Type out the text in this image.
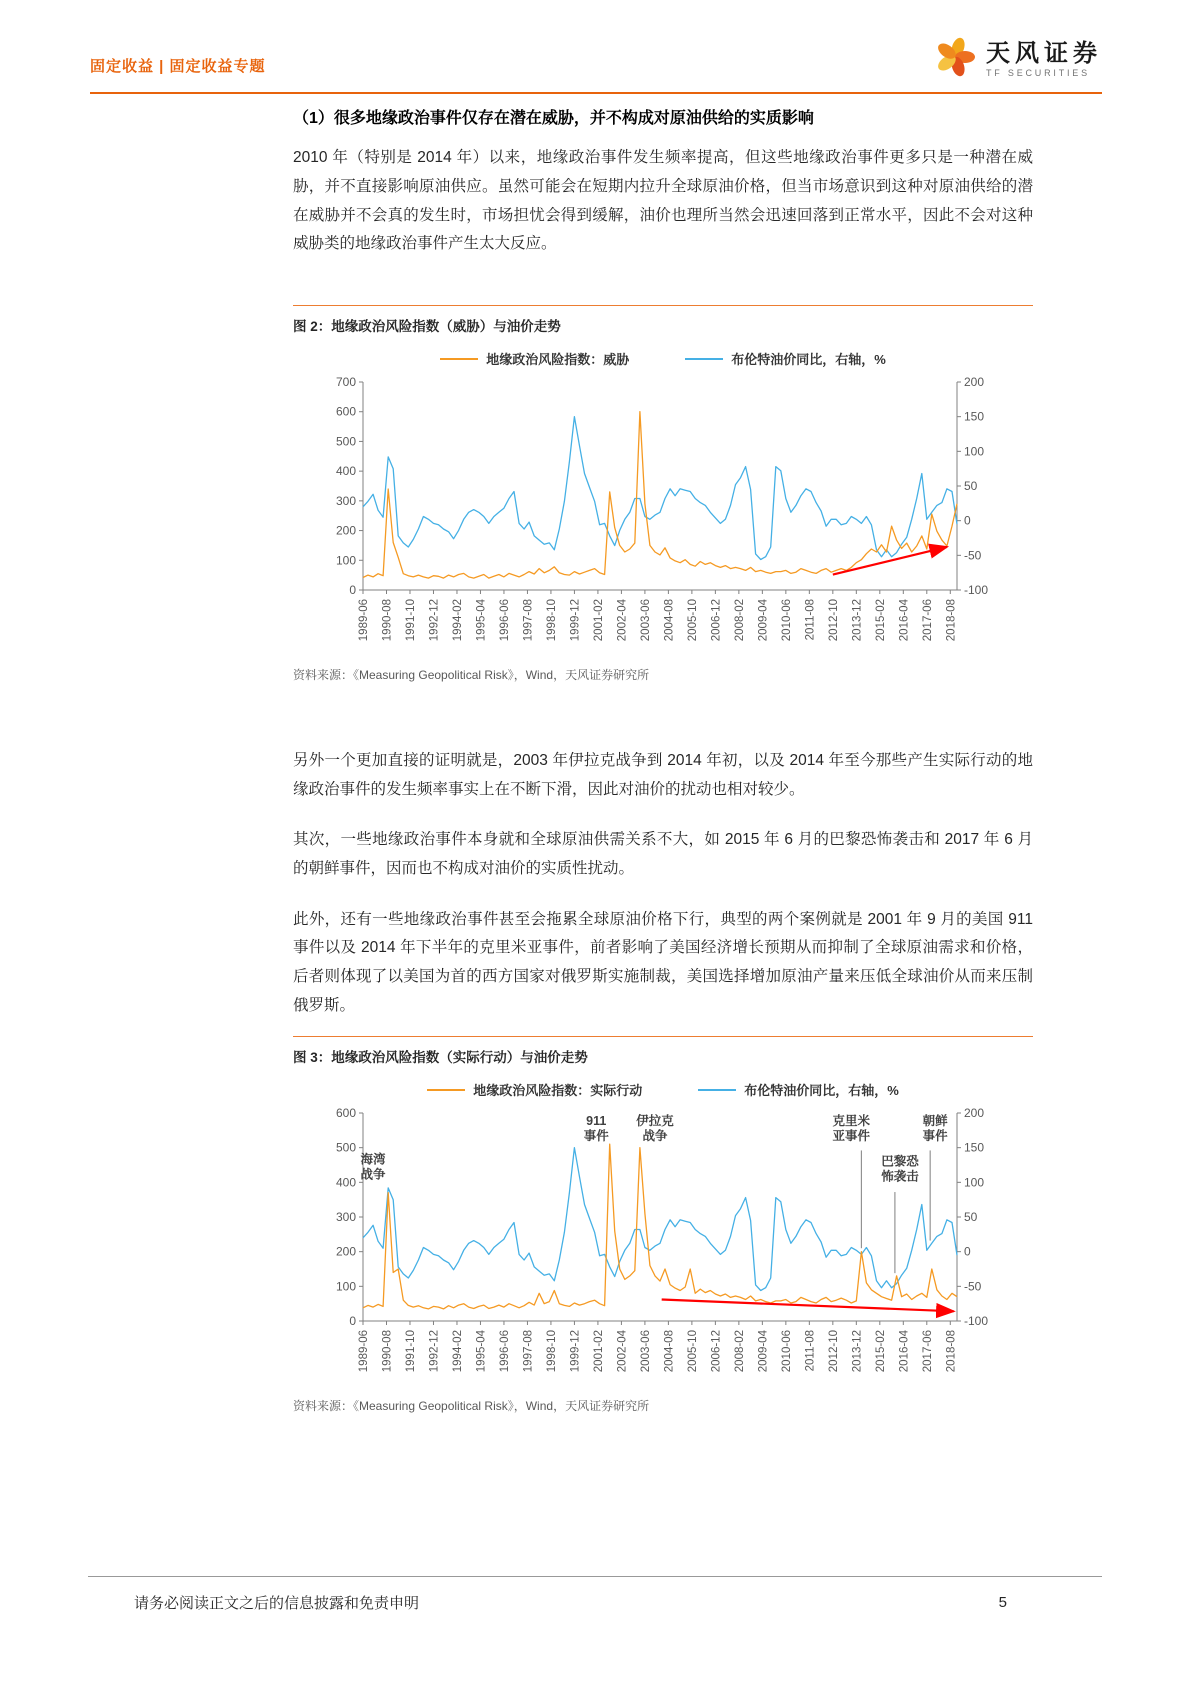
固定收益 | 固定收益专题	天风证券
TF SECURITIES
（1）很多地缘政治事件仅存在潜在威胁，并不构成对原油供给的实质影响

2010 年（特别是 2014 年）以来，地缘政治事件发生频率提高，但这些地缘政治事件更多只是一种潜在威胁，并不直接影响原油供应。虽然可能会在短期内拉升全球原油价格，但当市场意识到这种对原油供给的潜在威胁并不会真的发生时，市场担忧会得到缓解，油价也理所当然会迅速回落到正常水平，因此不会对这种威胁类的地缘政治事件产生太大反应。

图 2：地缘政治风险指数（威胁）与油价走势
地缘政治风险指数：威胁	布伦特油价同比，右轴，%
0
100
200
300
400
500
600
700
-100
-50
0
50
100
150
200
1989-06 1990-08 1991-10 1992-12 1994-02 1995-04 1996-06 1997-08 1998-10 1999-12 2001-02 2002-04 2003-06 2004-08 2005-10 2006-12 2008-02 2009-04 2010-06 2011-08 2012-10 2013-12 2015-02 2016-04 2017-06 2018-08
资料来源：《Measuring Geopolitical Risk》，Wind，天风证券研究所

另外一个更加直接的证明就是，2003 年伊拉克战争到 2014 年初，以及 2014 年至今那些产生实际行动的地缘政治事件的发生频率事实上在不断下滑，因此对油价的扰动也相对较少。

其次，一些地缘政治事件本身就和全球原油供需关系不大，如 2015 年 6 月的巴黎恐怖袭击和 2017 年 6 月的朝鲜事件，因而也不构成对油价的实质性扰动。

此外，还有一些地缘政治事件甚至会拖累全球原油价格下行，典型的两个案例就是 2001 年 9 月的美国 911 事件以及 2014 年下半年的克里米亚事件，前者影响了美国经济增长预期从而抑制了全球原油需求和价格，后者则体现了以美国为首的西方国家对俄罗斯实施制裁，美国选择增加原油产量来压低全球油价从而来压制俄罗斯。

图 3：地缘政治风险指数（实际行动）与油价走势
地缘政治风险指数：实际行动	布伦特油价同比，右轴，%
0
100
200
300
400
500
600
-100
-50
0
50
100
150
200
1989-06 1990-08 1991-10 1992-12 1994-02 1995-04 1996-06 1997-08 1998-10 1999-12 2001-02 2002-04 2003-06 2004-08 2005-10 2006-12 2008-02 2009-04 2010-06 2011-08 2012-10 2013-12 2015-02 2016-04 2017-06 2018-08
海湾战争
911 事件
伊拉克战争
克里米亚事件
巴黎恐怖袭击
朝鲜事件
资料来源：《Measuring Geopolitical Risk》，Wind，天风证券研究所
请务必阅读正文之后的信息披露和免责申明	5
